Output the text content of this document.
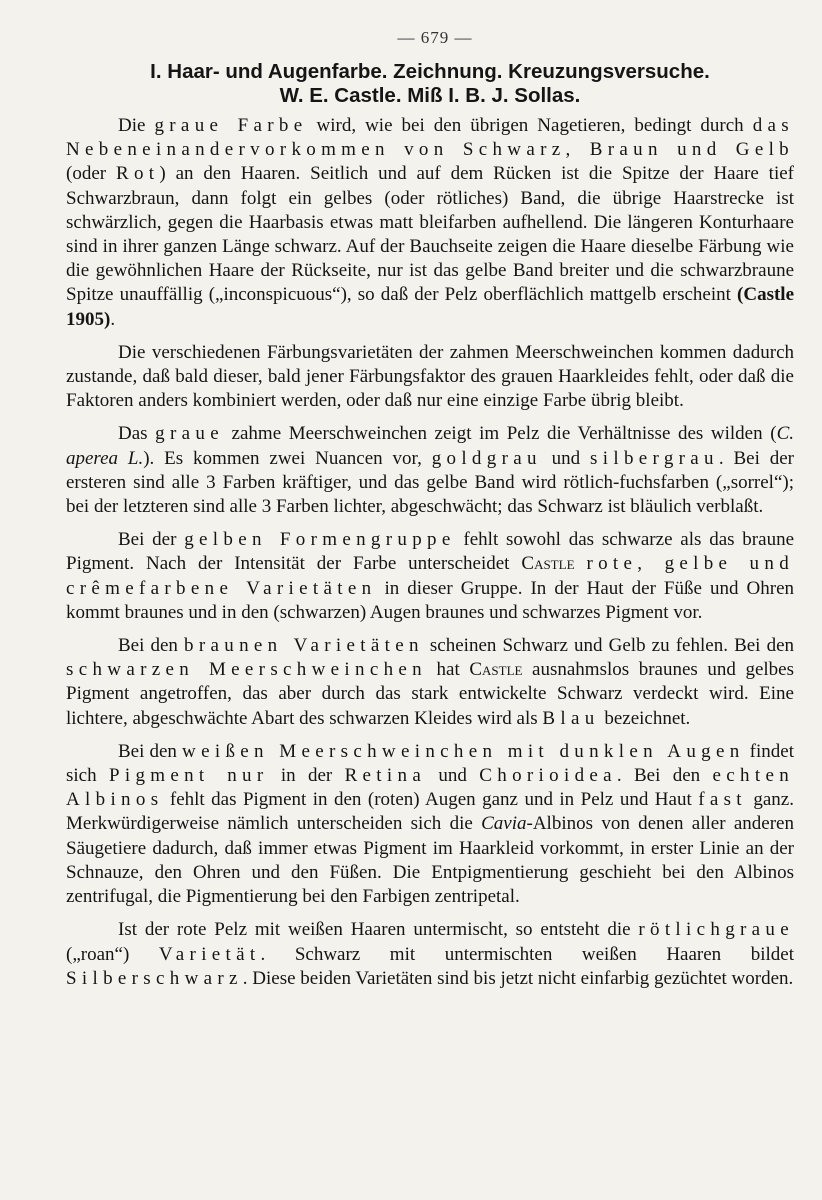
— 679 —
I. Haar- und Augenfarbe. Zeichnung. Kreuzungsversuche.
W. E. Castle. Miß I. B. J. Sollas.

Die graue Farbe wird, wie bei den übrigen Nagetieren, bedingt durch das Nebeneinandervorkommen von Schwarz, Braun und Gelb (oder Rot) an den Haaren. Seitlich und auf dem Rücken ist die Spitze der Haare tief Schwarzbraun, dann folgt ein gelbes (oder rötliches) Band, die übrige Haarstrecke ist schwärzlich, gegen die Haarbasis etwas matt bleifarben aufhellend. Die längeren Konturhaare sind in ihrer ganzen Länge schwarz. Auf der Bauchseite zeigen die Haare dieselbe Färbung wie die gewöhnlichen Haare der Rückseite, nur ist das gelbe Band breiter und die schwarzbraune Spitze unauffällig („inconspicuous“), so daß der Pelz oberflächlich mattgelb erscheint (Castle 1905).

Die verschiedenen Färbungsvarietäten der zahmen Meerschweinchen kommen dadurch zustande, daß bald dieser, bald jener Färbungsfaktor des grauen Haarkleides fehlt, oder daß die Faktoren anders kombiniert werden, oder daß nur eine einzige Farbe übrig bleibt.

Das graue zahme Meerschweinchen zeigt im Pelz die Verhältnisse des wilden (C. aperea L.). Es kommen zwei Nuancen vor, goldgrau und silbergrau. Bei der ersteren sind alle 3 Farben kräftiger, und das gelbe Band wird rötlich-fuchsfarben („sorrel“); bei der letzteren sind alle 3 Farben lichter, abgeschwächt; das Schwarz ist bläulich verblaßt.

Bei der gelben Formengruppe fehlt sowohl das schwarze als das braune Pigment. Nach der Intensität der Farbe unterscheidet Castle rote, gelbe und crêmefarbene Varietäten in dieser Gruppe. In der Haut der Füße und Ohren kommt braunes und in den (schwarzen) Augen braunes und schwarzes Pigment vor.

Bei den braunen Varietäten scheinen Schwarz und Gelb zu fehlen. Bei den schwarzen Meerschweinchen hat Castle ausnahmslos braunes und gelbes Pigment angetroffen, das aber durch das stark entwickelte Schwarz verdeckt wird. Eine lichtere, abgeschwächte Abart des schwarzen Kleides wird als Blau bezeichnet.

Bei den weißen Meerschweinchen mit dunklen Augen findet sich Pigment nur in der Retina und Chorioidea. Bei den echten Albinos fehlt das Pigment in den (roten) Augen ganz und in Pelz und Haut fast ganz. Merkwürdigerweise nämlich unterscheiden sich die Cavia-Albinos von denen aller anderen Säugetiere dadurch, daß immer etwas Pigment im Haarkleid vorkommt, in erster Linie an der Schnauze, den Ohren und den Füßen. Die Entpigmentierung geschieht bei den Albinos zentrifugal, die Pigmentierung bei den Farbigen zentripetal.

Ist der rote Pelz mit weißen Haaren untermischt, so entsteht die rötlichgraue („roan“) Varietät. Schwarz mit untermischten weißen Haaren bildet Silberschwarz. Diese beiden Varietäten sind bis jetzt nicht einfarbig gezüchtet worden.
